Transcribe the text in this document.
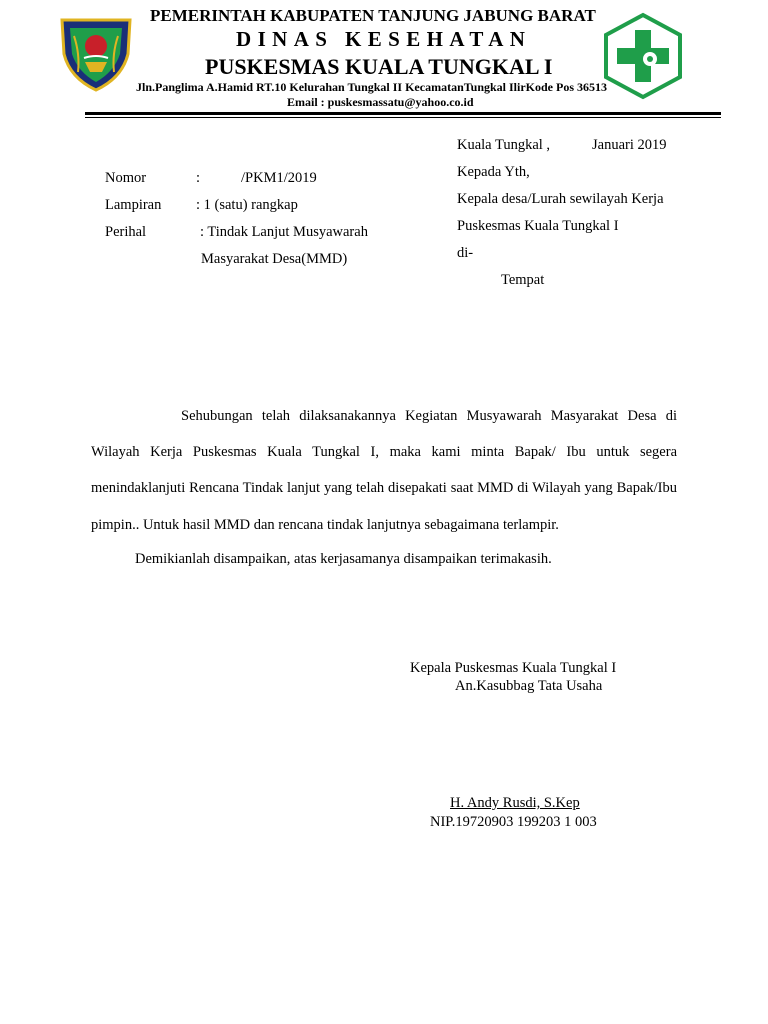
PEMERINTAH KABUPATEN TANJUNG JABUNG BARAT
DINAS KESEHATAN
PUSKESMAS KUALA TUNGKAL I
Jln.Panglima A.Hamid RT.10 Kelurahan Tungkal II KecamatanTungkal IlirKode Pos 36513
Email : puskesmassatu@yahoo.co.id
Kuala Tungkal ,	Januari 2019
Nomor	:	/PKM1/2019
Lampiran : 1 (satu) rangkap
Perihal	: Tindak Lanjut Musyawarah
Masyarakat Desa(MMD)
Kepada Yth,
Kepala desa/Lurah sewilayah Kerja
Puskesmas Kuala Tungkal I
di-
Tempat

Sehubungan telah dilaksanakannya Kegiatan Musyawarah Masyarakat Desa di Wilayah Kerja Puskesmas Kuala Tungkal I, maka kami minta Bapak/ Ibu untuk segera menindaklanjuti Rencana Tindak lanjut yang telah disepakati saat MMD di Wilayah yang Bapak/Ibu pimpin.. Untuk hasil MMD dan rencana tindak lanjutnya sebagaimana terlampir.

Demikianlah disampaikan, atas kerjasamanya disampaikan terimakasih.
Kepala Puskesmas Kuala Tungkal I
An.Kasubbag Tata Usaha
H. Andy Rusdi, S.Kep
NIP.19720903 199203 1 003
